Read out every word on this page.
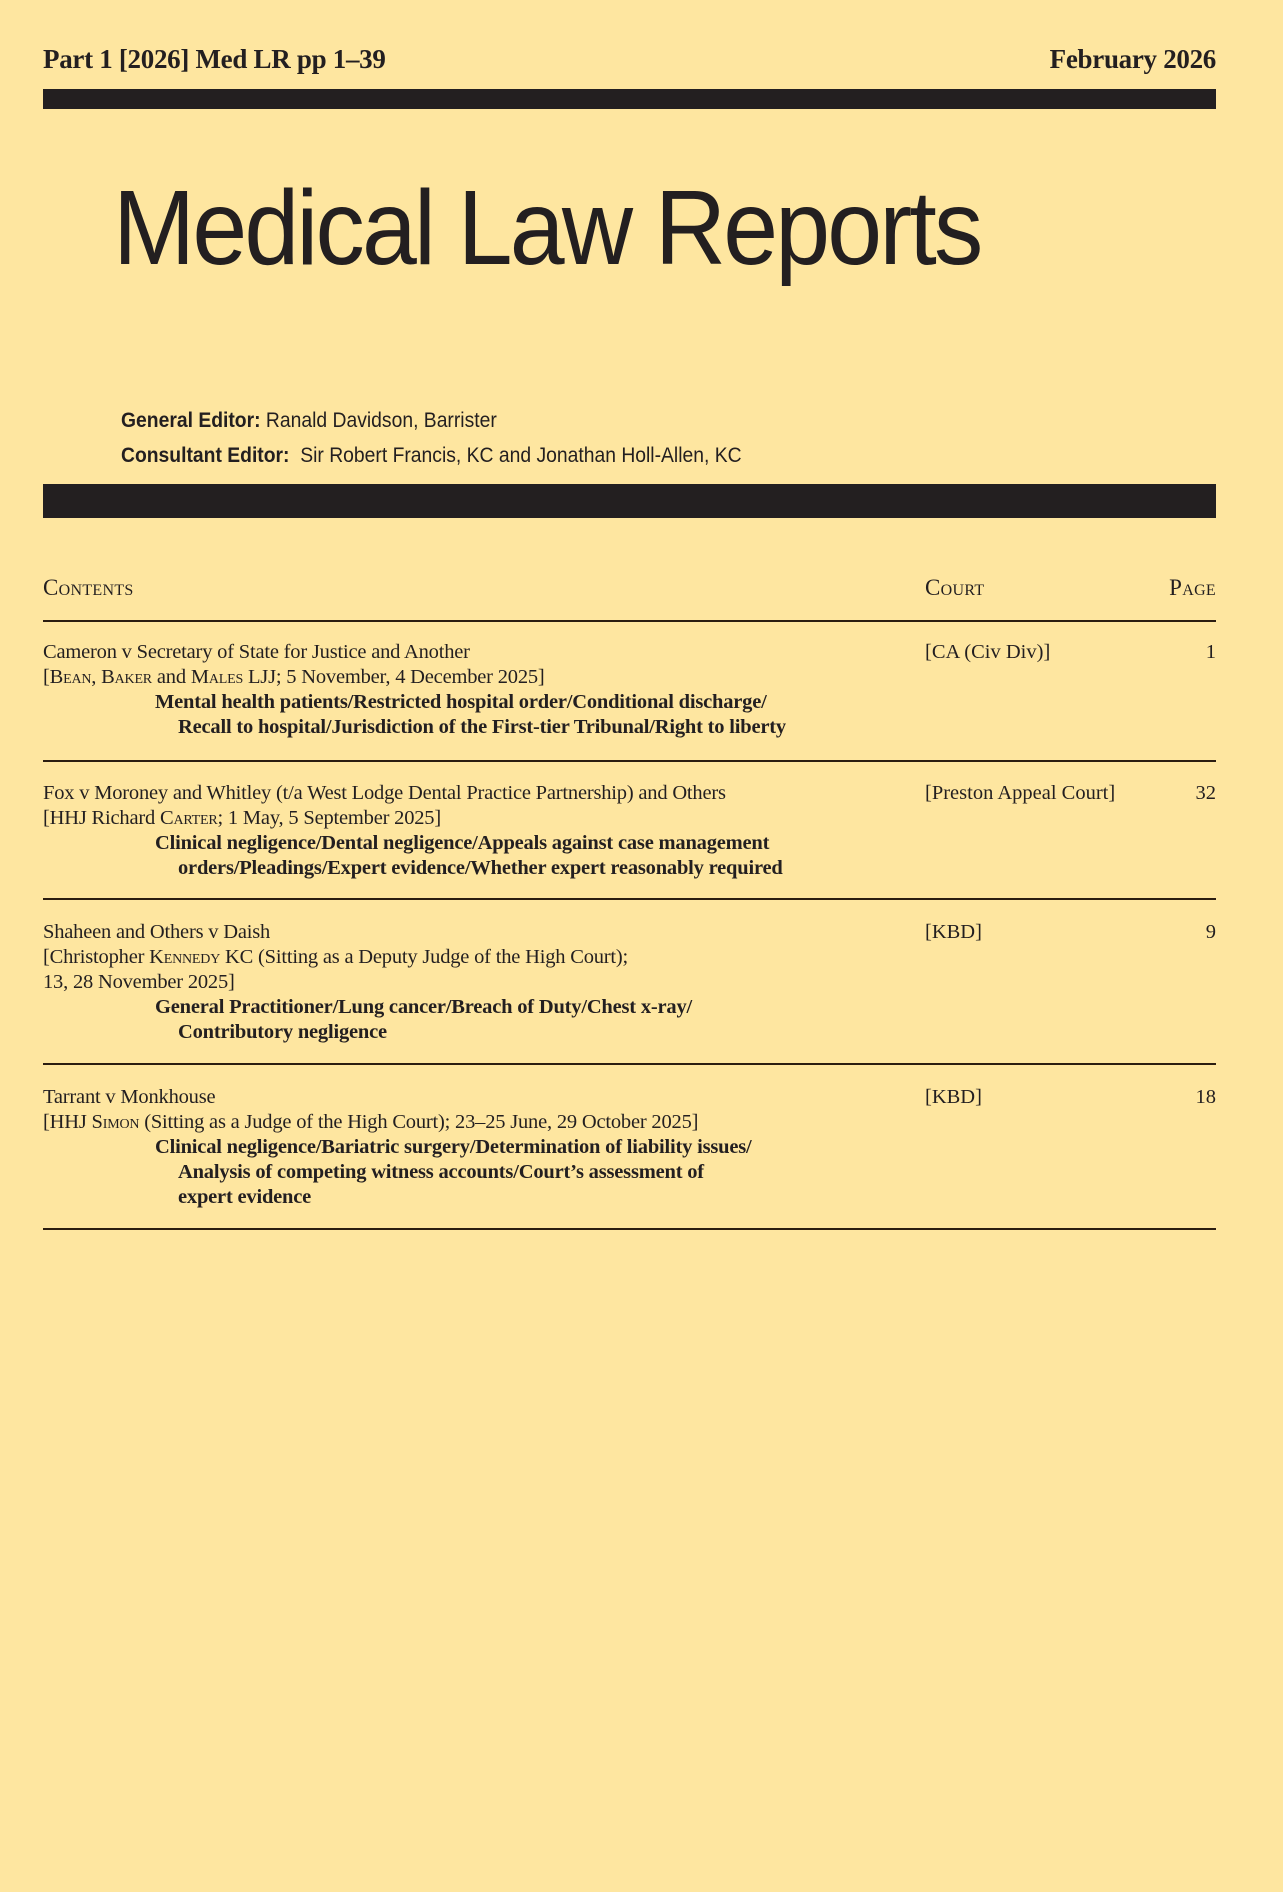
Part 1 [2026] Med LR pp 1–39	February 2026
Medical Law Reports
General Editor: Ranald Davidson, Barrister
Consultant Editor:  Sir Robert Francis, KC and Jonathan Holl-Allen, KC
Contents	Court	Page
Cameron v Secretary of State for Justice and Another
[Bean, Baker and Males LJJ; 5 November, 4 December 2025]
Mental health patients/Restricted hospital order/Conditional discharge/
Recall to hospital/Jurisdiction of the First-tier Tribunal/Right to liberty
[CA (Civ Div)]	1
Fox v Moroney and Whitley (t/a West Lodge Dental Practice Partnership) and Others
[HHJ Richard Carter; 1 May, 5 September 2025]
Clinical negligence/Dental negligence/Appeals against case management
orders/Pleadings/Expert evidence/Whether expert reasonably required
[Preston Appeal Court]	32
Shaheen and Others v Daish
[Christopher Kennedy KC (Sitting as a Deputy Judge of the High Court);
13, 28 November 2025]
General Practitioner/Lung cancer/Breach of Duty/Chest x-ray/
Contributory negligence
[KBD]	9
Tarrant v Monkhouse
[HHJ Simon (Sitting as a Judge of the High Court); 23–25 June, 29 October 2025]
Clinical negligence/Bariatric surgery/Determination of liability issues/
Analysis of competing witness accounts/Court’s assessment of
expert evidence
[KBD]	18
